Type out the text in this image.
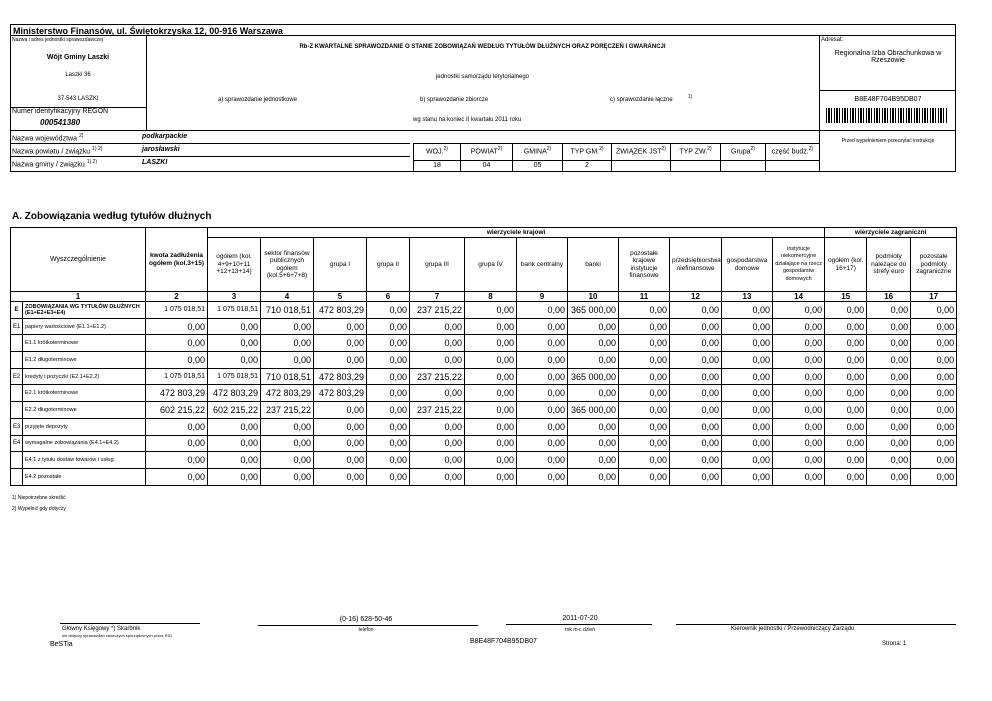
Ministerstwo Finansów, ul. Świętokrzyska 12, 00-916 Warszawa
Nazwa i adres jednostki sprawozdawczej
Wójt Gminy Laszki
Laszki 36
37-543 LASZKI
Numer identyfikacyjny REGON
000541380
Rb-Z KWARTALNE SPRAWOZDANIE O STANIE ZOBOWIĄZAŃ WEDŁUG TYTUŁÓW DŁUŻNYCH ORAZ PORĘCZEŃ I GWARANCJI
jednostki samorządu terytorialnego
a) sprawozdanie jednostkowe	b) sprawozdanie zbiorcze	c) sprawozdanie łączne	1)
wg stanu na koniec II kwartału 2011 roku
Adresat:
Regionalna Izba Obrachunkowa w Rzeszowie
B8E48F704B95DB07
Przed wypełnieniem przeczytać instrukcję
Nazwa województwa $^{2)}$	podkarpackie
Nazwa powiatu / związku $^{1) 2)}$	jarosławski
Nazwa gminy / związku $^{1) 2)}$	LASZKI
WOJ.$^{2)}$
18
POWIAT$^{2)}$
04
GMINA$^{2)}$
05
TYP GM.$^{2)}$
2
ZWIĄZEK JST$^{2)}$	TYP ZW.$^{2)}$	Grupa$^{2)}$	część budż.$^{2)}$
A. Zobowiązania według tytułów dłużnych
Wyszczególnienie		kwota zadłużenia ogółem (kol.3+15)	wierzyciele krajowi												wierzyciele zagraniczni		
			ogółem (kol. 4+9+10+11 +12+13+14)	sektor finansów publicznych ogółem (kol.5+6+7+8)	grupa I	grupa II	grupa III	grupa IV	bank centralny	banki	pozostałe krajowe instytucje finansowe	przedsiębiorstwa niefinansowe	gospodarstwa domowe	instytucje niekomercyjne działające na rzecz gospodarstw domowych	ogółem (kol. 16+17)	podmioty należące do strefy euro	pozostałe podmioty zagraniczne
1		2	3	4	5	6	7	8	9	10	11	12	13	14	15	16	17
E	ZOBOWIĄZANIA WG TYTUŁÓW DŁUŻNYCH (E1+E2+E3+E4)	1 075 018,51	1 075 018,51	710 018,51	472 803,29	0,00	237 215,22	0,00	0,00	365 000,00	0,00	0,00	0,00	0,00	0,00	0,00	0,00
E1	papiery wartościowe (E1.1+E1.2)	0,00	0,00	0,00	0,00	0,00	0,00	0,00	0,00	0,00	0,00	0,00	0,00	0,00	0,00	0,00	0,00
	E1.1 krótkoterminowe	0,00	0,00	0,00	0,00	0,00	0,00	0,00	0,00	0,00	0,00	0,00	0,00	0,00	0,00	0,00	0,00
	E1.2 długoterminowe	0,00	0,00	0,00	0,00	0,00	0,00	0,00	0,00	0,00	0,00	0,00	0,00	0,00	0,00	0,00	0,00
E2	kredyty i pożyczki (E2.1+E2.2)	1 075 018,51	1 075 018,51	710 018,51	472 803,29	0,00	237 215,22	0,00	0,00	365 000,00	0,00	0,00	0,00	0,00	0,00	0,00	0,00
	E2.1 krótkoterminowe	472 803,29	472 803,29	472 803,29	472 803,29	0,00	0,00	0,00	0,00	0,00	0,00	0,00	0,00	0,00	0,00	0,00	0,00
	E2.2 długoterminowe	602 215,22	602 215,22	237 215,22	0,00	0,00	237 215,22	0,00	0,00	365 000,00	0,00	0,00	0,00	0,00	0,00	0,00	0,00
E3	przyjęte depozyty	0,00	0,00	0,00	0,00	0,00	0,00	0,00	0,00	0,00	0,00	0,00	0,00	0,00	0,00	0,00	0,00
E4	wymagalne zobowiązania (E4.1+E4.2)	0,00	0,00	0,00	0,00	0,00	0,00	0,00	0,00	0,00	0,00	0,00	0,00	0,00	0,00	0,00	0,00
	E4.1 z tytułu dostaw towarów i usług	0,00	0,00	0,00	0,00	0,00	0,00	0,00	0,00	0,00	0,00	0,00	0,00	0,00	0,00	0,00	0,00
	E4.2 pozostałe	0,00	0,00	0,00	0,00	0,00	0,00	0,00	0,00	0,00	0,00	0,00	0,00	0,00	0,00	0,00	0,00
1) Niepotrzebne skreślić
2) Wypełnić gdy dotyczy
(0-16) 628-50-46
telefon
2011-07-20
rok m-c dzień
Główny Księgowy *) Skarbnik
nie dotyczy sprawozdań zbiorczych sporządzonych przez RIO
Kierownik jednostki / Przewodniczący Zarządu
BeSTia	B8E48F704B95DB07	Strona: 1
